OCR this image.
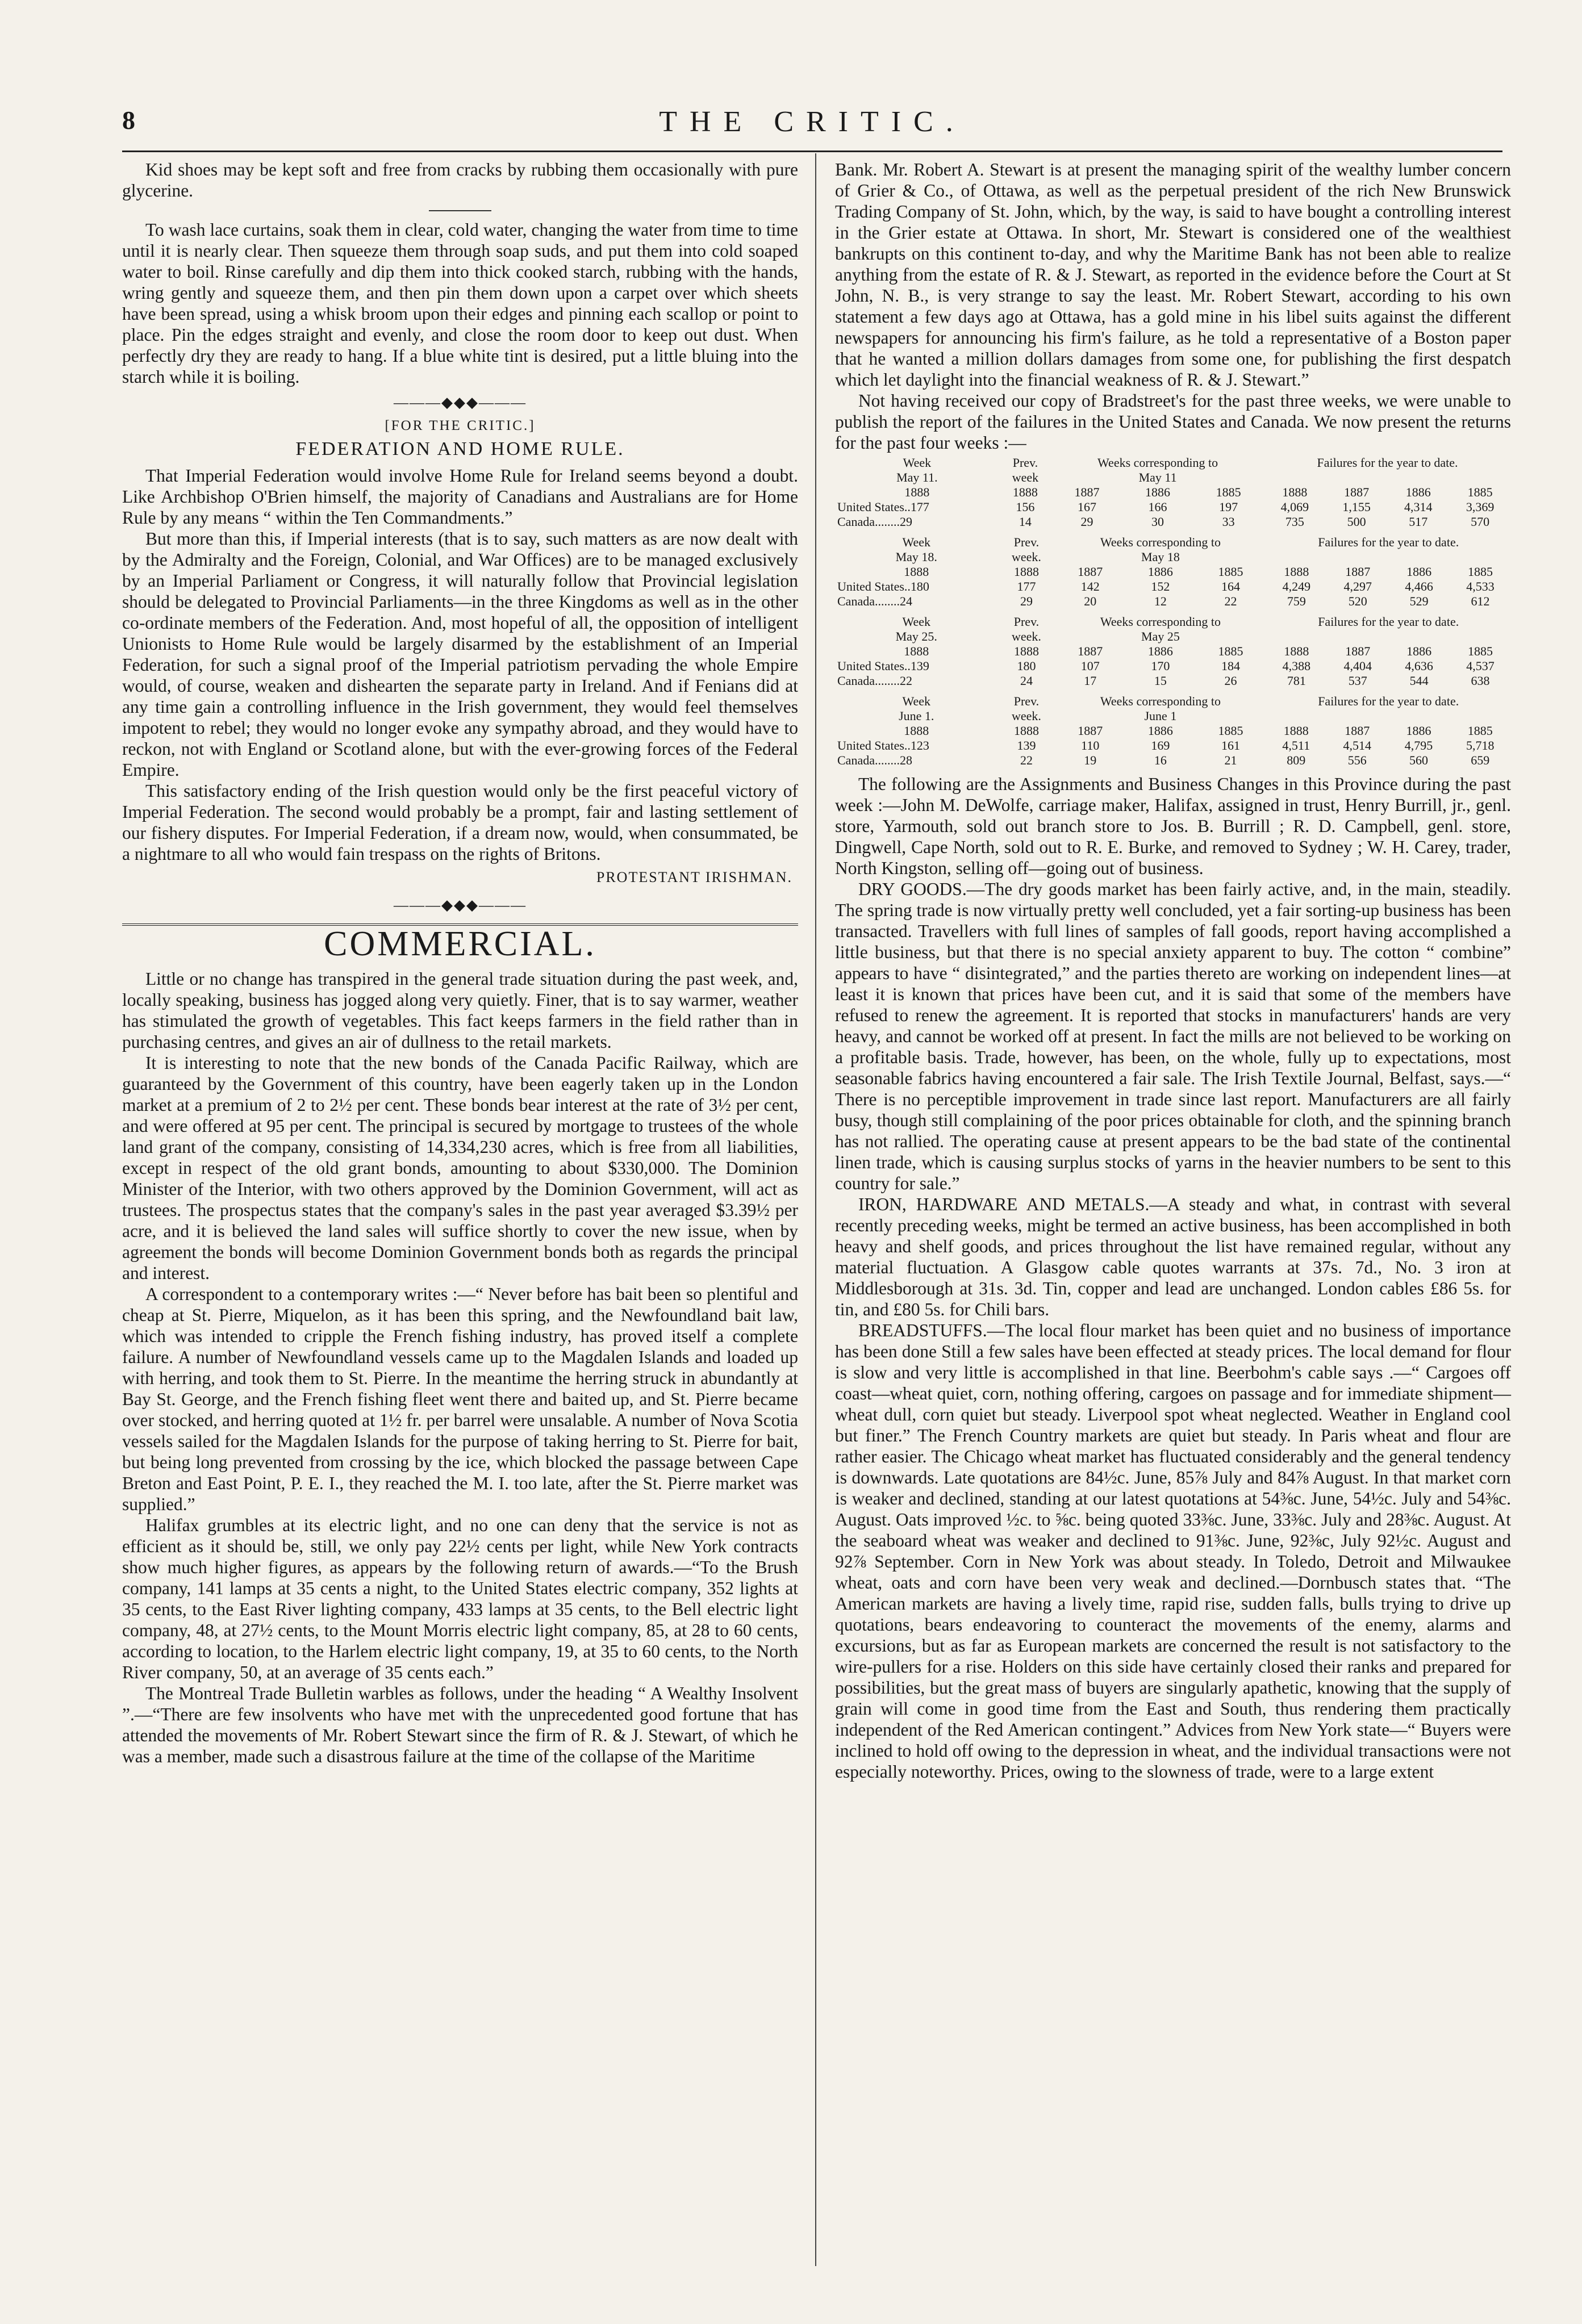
8	THE CRITIC.

Kid shoes may be kept soft and free from cracks by rubbing them occasionally with pure glycerine.

To wash lace curtains, soak them in clear, cold water, changing the water from time to time until it is nearly clear. Then squeeze them through soap suds, and put them into cold soaped water to boil. Rinse carefully and dip them into thick cooked starch, rubbing with the hands, wring gently and squeeze them, and then pin them down upon a carpet over which sheets have been spread, using a whisk broom upon their edges and pinning each scallop or point to place. Pin the edges straight and evenly, and close the room door to keep out dust. When perfectly dry they are ready to hang. If a blue white tint is desired, put a little bluing into the starch while it is boiling.

———◆◆◆———
[FOR THE CRITIC.]
FEDERATION AND HOME RULE.

That Imperial Federation would involve Home Rule for Ireland seems beyond a doubt. Like Archbishop O'Brien himself, the majority of Canadians and Australians are for Home Rule by any means “ within the Ten Commandments.”

But more than this, if Imperial interests (that is to say, such matters as are now dealt with by the Admiralty and the Foreign, Colonial, and War Offices) are to be managed exclusively by an Imperial Parliament or Congress, it will naturally follow that Provincial legislation should be delegated to Provincial Parliaments—in the three Kingdoms as well as in the other co-ordinate members of the Federation. And, most hopeful of all, the opposition of intelligent Unionists to Home Rule would be largely disarmed by the establishment of an Imperial Federation, for such a signal proof of the Imperial patriotism pervading the whole Empire would, of course, weaken and dishearten the separate party in Ireland. And if Fenians did at any time gain a controlling influence in the Irish government, they would feel themselves impotent to rebel; they would no longer evoke any sympathy abroad, and they would have to reckon, not with England or Scotland alone, but with the ever-growing forces of the Federal Empire.

This satisfactory ending of the Irish question would only be the first peaceful victory of Imperial Federation. The second would probably be a prompt, fair and lasting settlement of our fishery disputes. For Imperial Federation, if a dream now, would, when consummated, be a nightmare to all who would fain trespass on the rights of Britons.

PROTESTANT IRISHMAN.
———◆◆◆———
COMMERCIAL.

Little or no change has transpired in the general trade situation during the past week, and, locally speaking, business has jogged along very quietly. Finer, that is to say warmer, weather has stimulated the growth of vegetables. This fact keeps farmers in the field rather than in purchasing centres, and gives an air of dullness to the retail markets.

It is interesting to note that the new bonds of the Canada Pacific Railway, which are guaranteed by the Government of this country, have been eagerly taken up in the London market at a premium of 2 to 2½ per cent. These bonds bear interest at the rate of 3½ per cent, and were offered at 95 per cent. The principal is secured by mortgage to trustees of the whole land grant of the company, consisting of 14,334,230 acres, which is free from all liabilities, except in respect of the old grant bonds, amounting to about $330,000. The Dominion Minister of the Interior, with two others approved by the Dominion Government, will act as trustees. The prospectus states that the company's sales in the past year averaged $3.39½ per acre, and it is believed the land sales will suffice shortly to cover the new issue, when by agreement the bonds will become Dominion Government bonds both as regards the principal and interest.

A correspondent to a contemporary writes :—“ Never before has bait been so plentiful and cheap at St. Pierre, Miquelon, as it has been this spring, and the Newfoundland bait law, which was intended to cripple the French fishing industry, has proved itself a complete failure. A number of Newfoundland vessels came up to the Magdalen Islands and loaded up with herring, and took them to St. Pierre. In the meantime the herring struck in abundantly at Bay St. George, and the French fishing fleet went there and baited up, and St. Pierre became over stocked, and herring quoted at 1½ fr. per barrel were unsalable. A number of Nova Scotia vessels sailed for the Magdalen Islands for the purpose of taking herring to St. Pierre for bait, but being long prevented from crossing by the ice, which blocked the passage between Cape Breton and East Point, P. E. I., they reached the M. I. too late, after the St. Pierre market was supplied.”

Halifax grumbles at its electric light, and no one can deny that the service is not as efficient as it should be, still, we only pay 22½ cents per light, while New York contracts show much higher figures, as appears by the following return of awards.—“To the Brush company, 141 lamps at 35 cents a night, to the United States electric company, 352 lights at 35 cents, to the East River lighting company, 433 lamps at 35 cents, to the Bell electric light company, 48, at 27½ cents, to the Mount Morris electric light company, 85, at 28 to 60 cents, according to location, to the Harlem electric light company, 19, at 35 to 60 cents, to the North River company, 50, at an average of 35 cents each.”

The Montreal Trade Bulletin warbles as follows, under the heading “ A Wealthy Insolvent ”.—“There are few insolvents who have met with the unprecedented good fortune that has attended the movements of Mr. Robert Stewart since the firm of R. & J. Stewart, of which he was a member, made such a disastrous failure at the time of the collapse of the Maritime

Bank. Mr. Robert A. Stewart is at present the managing spirit of the wealthy lumber concern of Grier & Co., of Ottawa, as well as the perpetual president of the rich New Brunswick Trading Company of St. John, which, by the way, is said to have bought a controlling interest in the Grier estate at Ottawa. In short, Mr. Stewart is considered one of the wealthiest bankrupts on this continent to-day, and why the Maritime Bank has not been able to realize anything from the estate of R. & J. Stewart, as reported in the evidence before the Court at St John, N. B., is very strange to say the least. Mr. Robert Stewart, according to his own statement a few days ago at Ottawa, has a gold mine in his libel suits against the different newspapers for announcing his firm's failure, as he told a representative of a Boston paper that he wanted a million dollars damages from some one, for publishing the first despatch which let daylight into the financial weakness of R. & J. Stewart.”

Not having received our copy of Bradstreet's for the past three weeks, we were unable to publish the report of the failures in the United States and Canada. We now present the returns for the past four weeks :—

Week	Prev.	Weeks corresponding to			Failures for the year to date.			
May 11.	week	May 11						
1888	1888	1887	1886	1885	1888	1887	1886	1885
United States..177	156	167	166	197	4,069	1,155	4,314	3,369
Canada........29	14	29	30	33	735	500	517	570
Week	Prev.	Weeks corresponding to			Failures for the year to date.			
May 18.	week.	May 18						
1888	1888	1887	1886	1885	1888	1887	1886	1885
United States..180	177	142	152	164	4,249	4,297	4,466	4,533
Canada........24	29	20	12	22	759	520	529	612
Week	Prev.	Weeks corresponding to			Failures for the year to date.			
May 25.	week.	May 25						
1888	1888	1887	1886	1885	1888	1887	1886	1885
United States..139	180	107	170	184	4,388	4,404	4,636	4,537
Canada........22	24	17	15	26	781	537	544	638
Week	Prev.	Weeks corresponding to			Failures for the year to date.			
June 1.	week.	June 1						
1888	1888	1887	1886	1885	1888	1887	1886	1885
United States..123	139	110	169	161	4,511	4,514	4,795	5,718
Canada........28	22	19	16	21	809	556	560	659

The following are the Assignments and Business Changes in this Province during the past week :—John M. DeWolfe, carriage maker, Halifax, assigned in trust, Henry Burrill, jr., genl. store, Yarmouth, sold out branch store to Jos. B. Burrill ; R. D. Campbell, genl. store, Dingwell, Cape North, sold out to R. E. Burke, and removed to Sydney ; W. H. Carey, trader, North Kingston, selling off—going out of business.

DRY GOODS.—The dry goods market has been fairly active, and, in the main, steadily. The spring trade is now virtually pretty well concluded, yet a fair sorting-up business has been transacted. Travellers with full lines of samples of fall goods, report having accomplished a little business, but that there is no special anxiety apparent to buy. The cotton “ combine” appears to have “ disintegrated,” and the parties thereto are working on independent lines—at least it is known that prices have been cut, and it is said that some of the members have refused to renew the agreement. It is reported that stocks in manufacturers' hands are very heavy, and cannot be worked off at present. In fact the mills are not believed to be working on a profitable basis. Trade, however, has been, on the whole, fully up to expectations, most seasonable fabrics having encountered a fair sale. The Irish Textile Journal, Belfast, says.—“ There is no perceptible improvement in trade since last report. Manufacturers are all fairly busy, though still complaining of the poor prices obtainable for cloth, and the spinning branch has not rallied. The operating cause at present appears to be the bad state of the continental linen trade, which is causing surplus stocks of yarns in the heavier numbers to be sent to this country for sale.”

IRON, HARDWARE AND METALS.—A steady and what, in contrast with several recently preceding weeks, might be termed an active business, has been accomplished in both heavy and shelf goods, and prices throughout the list have remained regular, without any material fluctuation. A Glasgow cable quotes warrants at 37s. 7d., No. 3 iron at Middlesborough at 31s. 3d. Tin, copper and lead are unchanged. London cables £86 5s. for tin, and £80 5s. for Chili bars.

BREADSTUFFS.—The local flour market has been quiet and no business of importance has been done Still a few sales have been effected at steady prices. The local demand for flour is slow and very little is accomplished in that line. Beerbohm's cable says .—“ Cargoes off coast—wheat quiet, corn, nothing offering, cargoes on passage and for immediate shipment—wheat dull, corn quiet but steady. Liverpool spot wheat neglected. Weather in England cool but finer.” The French Country markets are quiet but steady. In Paris wheat and flour are rather easier. The Chicago wheat market has fluctuated considerably and the general tendency is downwards. Late quotations are 84½c. June, 85⅞ July and 84⅞ August. In that market corn is weaker and declined, standing at our latest quotations at 54⅜c. June, 54½c. July and 54⅜c. August. Oats improved ½c. to ⅝c. being quoted 33⅜c. June, 33⅜c. July and 28⅜c. August. At the seaboard wheat was weaker and declined to 91⅜c. June, 92⅜c, July 92½c. August and 92⅞ September. Corn in New York was about steady. In Toledo, Detroit and Milwaukee wheat, oats and corn have been very weak and declined.—Dornbusch states that. “The American markets are having a lively time, rapid rise, sudden falls, bulls trying to drive up quotations, bears endeavoring to counteract the movements of the enemy, alarms and excursions, but as far as European markets are concerned the result is not satisfactory to the wire-pullers for a rise. Holders on this side have certainly closed their ranks and prepared for possibilities, but the great mass of buyers are singularly apathetic, knowing that the supply of grain will come in good time from the East and South, thus rendering them practically independent of the Red American contingent.” Advices from New York state—“ Buyers were inclined to hold off owing to the depression in wheat, and the individual transactions were not especially noteworthy. Prices, owing to the slowness of trade, were to a large extent
